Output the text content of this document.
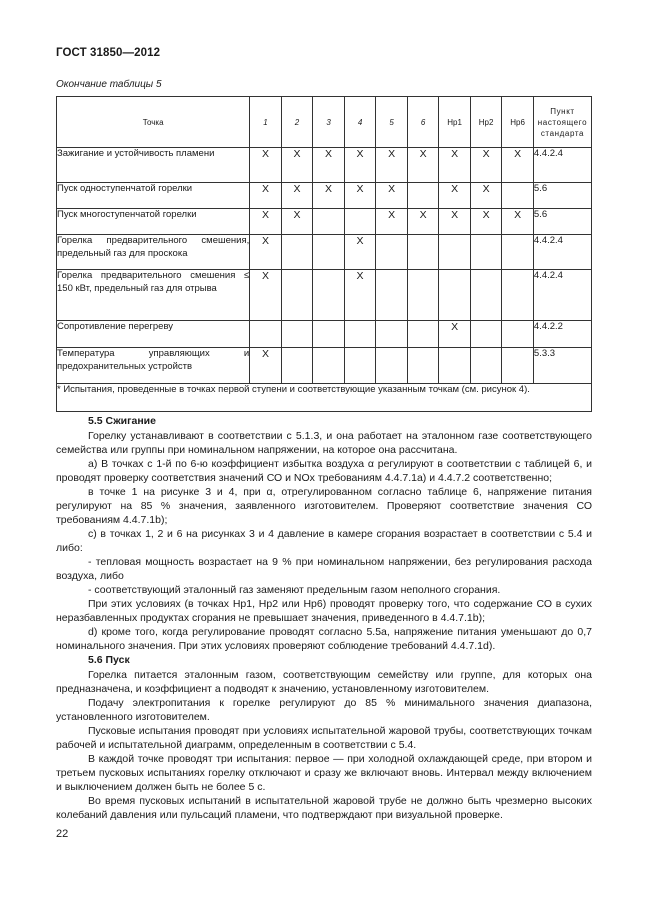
ГОСТ 31850—2012
Окончание таблицы 5
Точка	1	2	3	4	5	6	Нр1	Нр2	Нр6	Пункт
настоящего
стандарта
Зажигание и устойчивость пламени	X	X	X	X	X	X	X	X	X	4.4.2.4
Пуск одноступенчатой горелки	X	X	X	X	X		X	X		5.6
Пуск многоступенчатой горелки	X	X			X	X	X	X	X	5.6
Горелка предварительного смешения, предельный газ для проскока	X			X						4.4.2.4
Горелка предварительного смешения ≤ 150 кВт, предельный газ для отрыва	X			X						4.4.2.4
Сопротивление перегреву							X			4.4.2.2
Температура управляющих и предохранительных устройств	X									5.3.3
* Испытания, проведенные в точках первой ступени и соответствующие указанным точкам (см. рисунок 4).										
5.5 Сжигание

Горелку устанавливают в соответствии с 5.1.3, и она работает на эталонном газе соответствующего семейства или группы при номинальном напряжении, на которое она рассчитана.

а) В точках с 1-й по 6-ю коэффициент избытка воздуха α регулируют в соответствии с таблицей 6, и проводят проверку соответствия значений СО и NOx требованиям 4.4.7.1а) и 4.4.7.2 соответственно;

в точке 1 на рисунке 3 и 4, при α, отрегулированном согласно таблице 6, напряжение питания регулируют на 85 % значения, заявленного изготовителем. Проверяют соответствие значения СО требованиям 4.4.7.1b);

с) в точках 1, 2 и 6 на рисунках 3 и 4 давление в камере сгорания возрастает в соответствии с 5.4 и либо:

- тепловая мощность возрастает на 9 % при номинальном напряжении, без регулирования расхода воздуха, либо

- соответствующий эталонный газ заменяют предельным газом неполного сгорания.

При этих условиях (в точках Нр1, Нр2 или Нр6) проводят проверку того, что содержание СО в сухих неразбавленных продуктах сгорания не превышает значения, приведенного в 4.4.7.1b);

d) кроме того, когда регулирование проводят согласно 5.5а, напряжение питания уменьшают до 0,7 номинального значения. При этих условиях проверяют соблюдение требований 4.4.7.1d).

5.6 Пуск

Горелка питается эталонным газом, соответствующим семейству или группе, для которых она предназначена, и коэффициент а подводят к значению, установленному изготовителем.

Подачу электропитания к горелке регулируют до 85 % минимального значения диапазона, установленного изготовителем.

Пусковые испытания проводят при условиях испытательной жаровой трубы, соответствующих точкам рабочей и испытательной диаграмм, определенным в соответствии с 5.4.

В каждой точке проводят три испытания: первое — при холодной охлаждающей среде, при втором и третьем пусковых испытаниях горелку отключают и сразу же включают вновь. Интервал между включением и выключением должен быть не более 5 с.

Во время пусковых испытаний в испытательной жаровой трубе не должно быть чрезмерно высоких колебаний давления или пульсаций пламени, что подтверждают при визуальной проверке.

22
